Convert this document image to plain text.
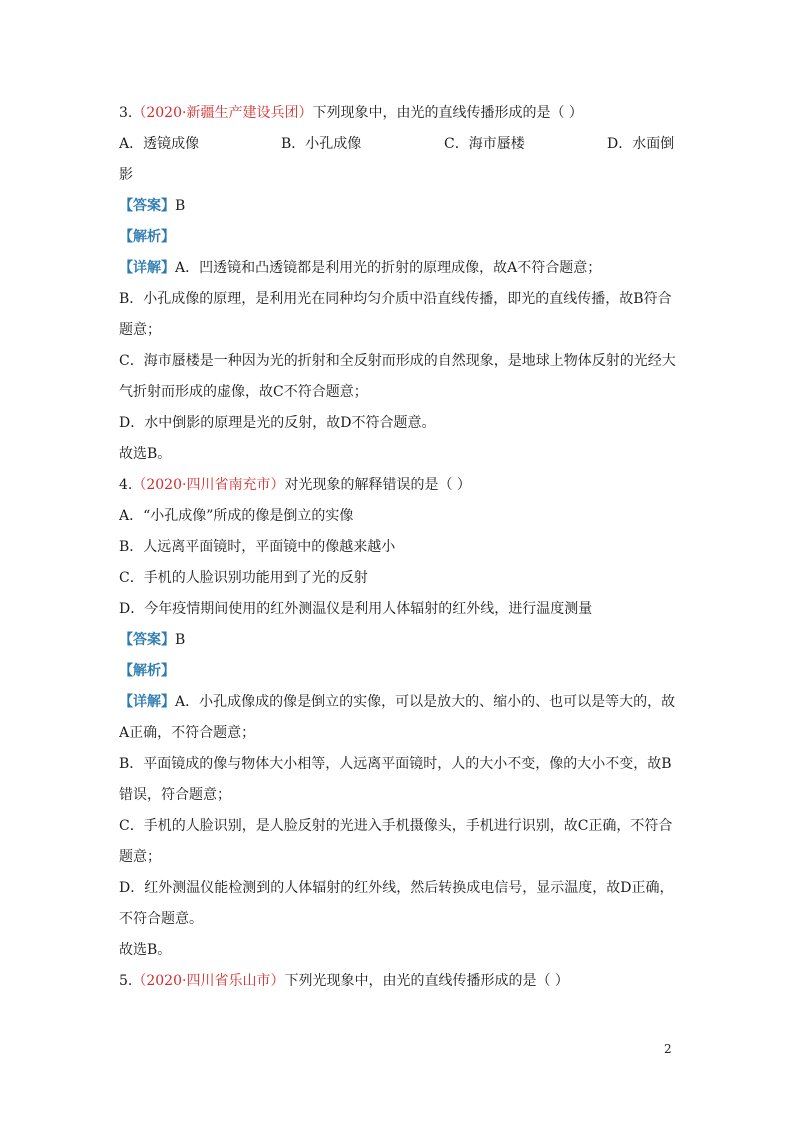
3.（2020·新疆生产建设兵团）下列现象中，由光的直线传播形成的是（ ）
A．透镜成像	B．小孔成像	C．海市蜃楼	D．水面倒
影
【答案】B
【解析】
【详解】A．凹透镜和凸透镜都是利用光的折射的原理成像，故A不符合题意；
B．小孔成像的原理，是利用光在同种均匀介质中沿直线传播，即光的直线传播，故B符合
题意；
C．海市蜃楼是一种因为光的折射和全反射而形成的自然现象，是地球上物体反射的光经大
气折射而形成的虚像，故C不符合题意；
D．水中倒影的原理是光的反射，故D不符合题意。
故选B。
4.（2020·四川省南充市）对光现象的解释错误的是（ ）
A．“小孔成像”所成的像是倒立的实像
B．人远离平面镜时，平面镜中的像越来越小
C．手机的人脸识别功能用到了光的反射
D．今年疫情期间使用的红外测温仪是利用人体辐射的红外线，进行温度测量
【答案】B
【解析】
【详解】A．小孔成像成的像是倒立的实像，可以是放大的、缩小的、也可以是等大的，故
A正确，不符合题意；
B．平面镜成的像与物体大小相等，人远离平面镜时，人的大小不变，像的大小不变，故B
错误，符合题意；
C．手机的人脸识别，是人脸反射的光进入手机摄像头，手机进行识别，故C正确，不符合
题意；
D．红外测温仪能检测到的人体辐射的红外线，然后转换成电信号，显示温度，故D正确，
不符合题意。
故选B。
5.（2020·四川省乐山市）下列光现象中，由光的直线传播形成的是（ ）
2
